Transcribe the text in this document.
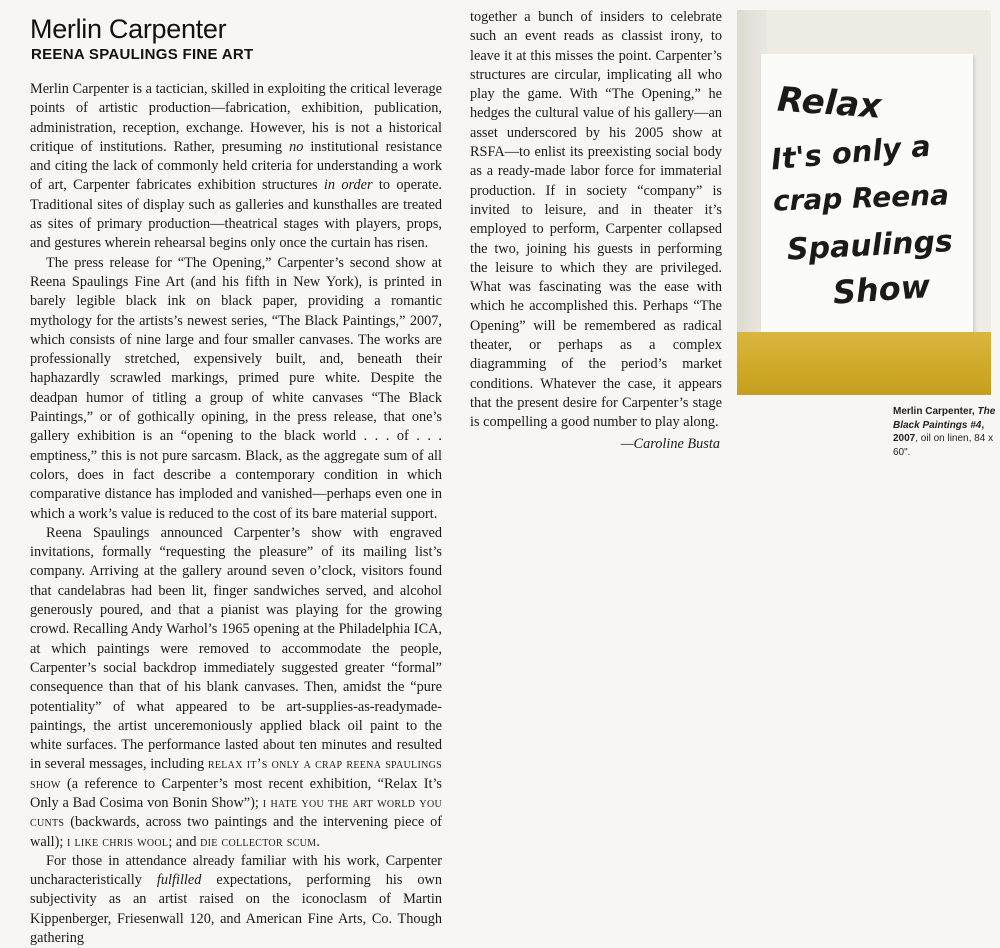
Merlin Carpenter
REENA SPAULINGS FINE ART

Merlin Carpenter is a tactician, skilled in exploiting the critical leverage points of artistic production—fabrication, exhibition, publication, administration, reception, exchange. However, his is not a historical critique of institutions. Rather, presuming no institutional resistance and citing the lack of commonly held criteria for understanding a work of art, Carpenter fabricates exhibition structures in order to operate. Traditional sites of display such as galleries and kunsthalles are treated as sites of primary production—theatrical stages with players, props, and gestures wherein rehearsal begins only once the curtain has risen.

The press release for “The Opening,” Carpenter’s second show at Reena Spaulings Fine Art (and his fifth in New York), is printed in barely legible black ink on black paper, providing a romantic mythology for the artists’s newest series, “The Black Paintings,” 2007, which consists of nine large and four smaller canvases. The works are professionally stretched, expensively built, and, beneath their haphazardly scrawled markings, primed pure white. Despite the deadpan humor of titling a group of white canvases “The Black Paintings,” or of gothically opining, in the press release, that one’s gallery exhibition is an “opening to the black world . . . of . . . emptiness,” this is not pure sarcasm. Black, as the aggregate sum of all colors, does in fact describe a contemporary condition in which comparative distance has imploded and vanished—perhaps even one in which a work’s value is reduced to the cost of its bare material support.

Reena Spaulings announced Carpenter’s show with engraved invitations, formally “requesting the pleasure” of its mailing list’s company. Arriving at the gallery around seven o’clock, visitors found that candelabras had been lit, finger sandwiches served, and alcohol generously poured, and that a pianist was playing for the growing crowd. Recalling Andy Warhol’s 1965 opening at the Philadelphia ICA, at which paintings were removed to accommodate the people, Carpenter’s social backdrop immediately suggested greater “formal” consequence than that of his blank canvases. Then, amidst the “pure potentiality” of what appeared to be art-supplies-as-readymade-paintings, the artist unceremoniously applied black oil paint to the white surfaces. The performance lasted about ten minutes and resulted in several messages, including relax it’s only a crap reena spaulings show (a reference to Carpenter’s most recent exhibition, “Relax It’s Only a Bad Cosima von Bonin Show”); i hate you the art world you cunts (backwards, across two paintings and the intervening piece of wall); i like chris wool; and die collector scum.

For those in attendance already familiar with his work, Carpenter uncharacteristically fulfilled expectations, performing his own subjectivity as an artist raised on the iconoclasm of Martin Kippenberger, Friesenwall 120, and American Fine Arts, Co. Though gathering

together a bunch of insiders to celebrate such an event reads as classist irony, to leave it at this misses the point. Carpenter’s structures are circular, implicating all who play the game. With “The Opening,” he hedges the cultural value of his gallery—an asset underscored by his 2005 show at RSFA—to enlist its preexisting social body as a ready-made labor force for immaterial production. If in society “company” is invited to leisure, and in theater it’s employed to perform, Carpenter collapsed the two, joining his guests in performing the leisure to which they are privileged. What was fascinating was the ease with which he accomplished this. Perhaps “The Opening” will be remembered as radical theater, or perhaps as a complex diagramming of the period’s market conditions. Whatever the case, it appears that the present desire for Carpenter’s stage is compelling a good number to play along.

—Caroline Busta

Relax
It's only a
crap Reena
Spaulings
Show

Merlin Carpenter, The Black Paintings #4, 2007, oil on linen, 84 x 60".
